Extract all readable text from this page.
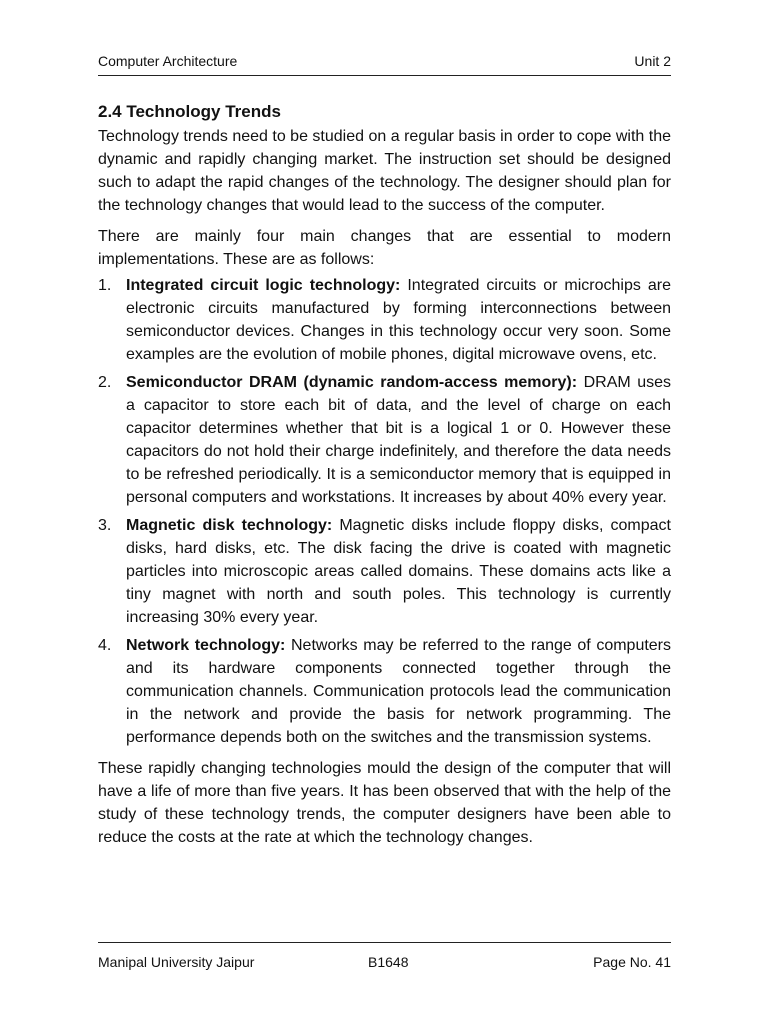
Computer Architecture	Unit 2
2.4 Technology Trends

Technology trends need to be studied on a regular basis in order to cope with the dynamic and rapidly changing market. The instruction set should be designed such to adapt the rapid changes of the technology. The designer should plan for the technology changes that would lead to the success of the computer.

There are mainly four main changes that are essential to modern implementations. These are as follows:

1. Integrated circuit logic technology: Integrated circuits or microchips are electronic circuits manufactured by forming interconnections between semiconductor devices. Changes in this technology occur very soon. Some examples are the evolution of mobile phones, digital microwave ovens, etc.
2. Semiconductor DRAM (dynamic random-access memory): DRAM uses a capacitor to store each bit of data, and the level of charge on each capacitor determines whether that bit is a logical 1 or 0. However these capacitors do not hold their charge indefinitely, and therefore the data needs to be refreshed periodically. It is a semiconductor memory that is equipped in personal computers and workstations. It increases by about 40% every year.
3. Magnetic disk technology: Magnetic disks include floppy disks, compact disks, hard disks, etc. The disk facing the drive is coated with magnetic particles into microscopic areas called domains. These domains acts like a tiny magnet with north and south poles. This technology is currently increasing 30% every year.
4. Network technology: Networks may be referred to the range of computers and its hardware components connected together through the communication channels. Communication protocols lead the communication in the network and provide the basis for network programming. The performance depends both on the switches and the transmission systems.

These rapidly changing technologies mould the design of the computer that will have a life of more than five years. It has been observed that with the help of the study of these technology trends, the computer designers have been able to reduce the costs at the rate at which the technology changes.

Manipal University Jaipur	B1648	Page No. 41
